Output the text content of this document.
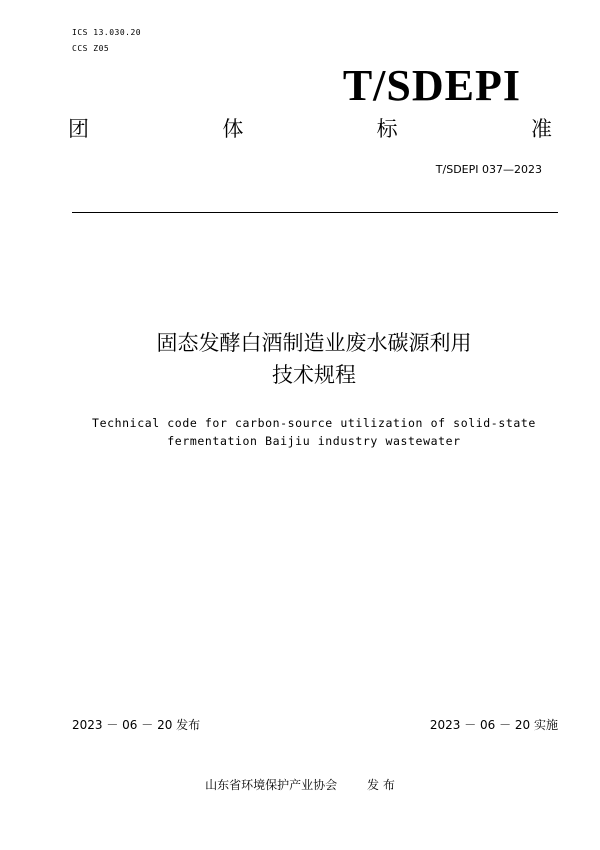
ICS 13.030.20
CCS Z05
T/SDEPI
团	体	标	准
T/SDEPI 037—2023
固态发酵白酒制造业废水碳源利用
技术规程
Technical code for carbon-source utilization of solid-state
fermentation Baijiu industry wastewater
2023 － 06 － 20 发布	2023 － 06 － 20 实施
山东省环境保护产业协会 发 布
